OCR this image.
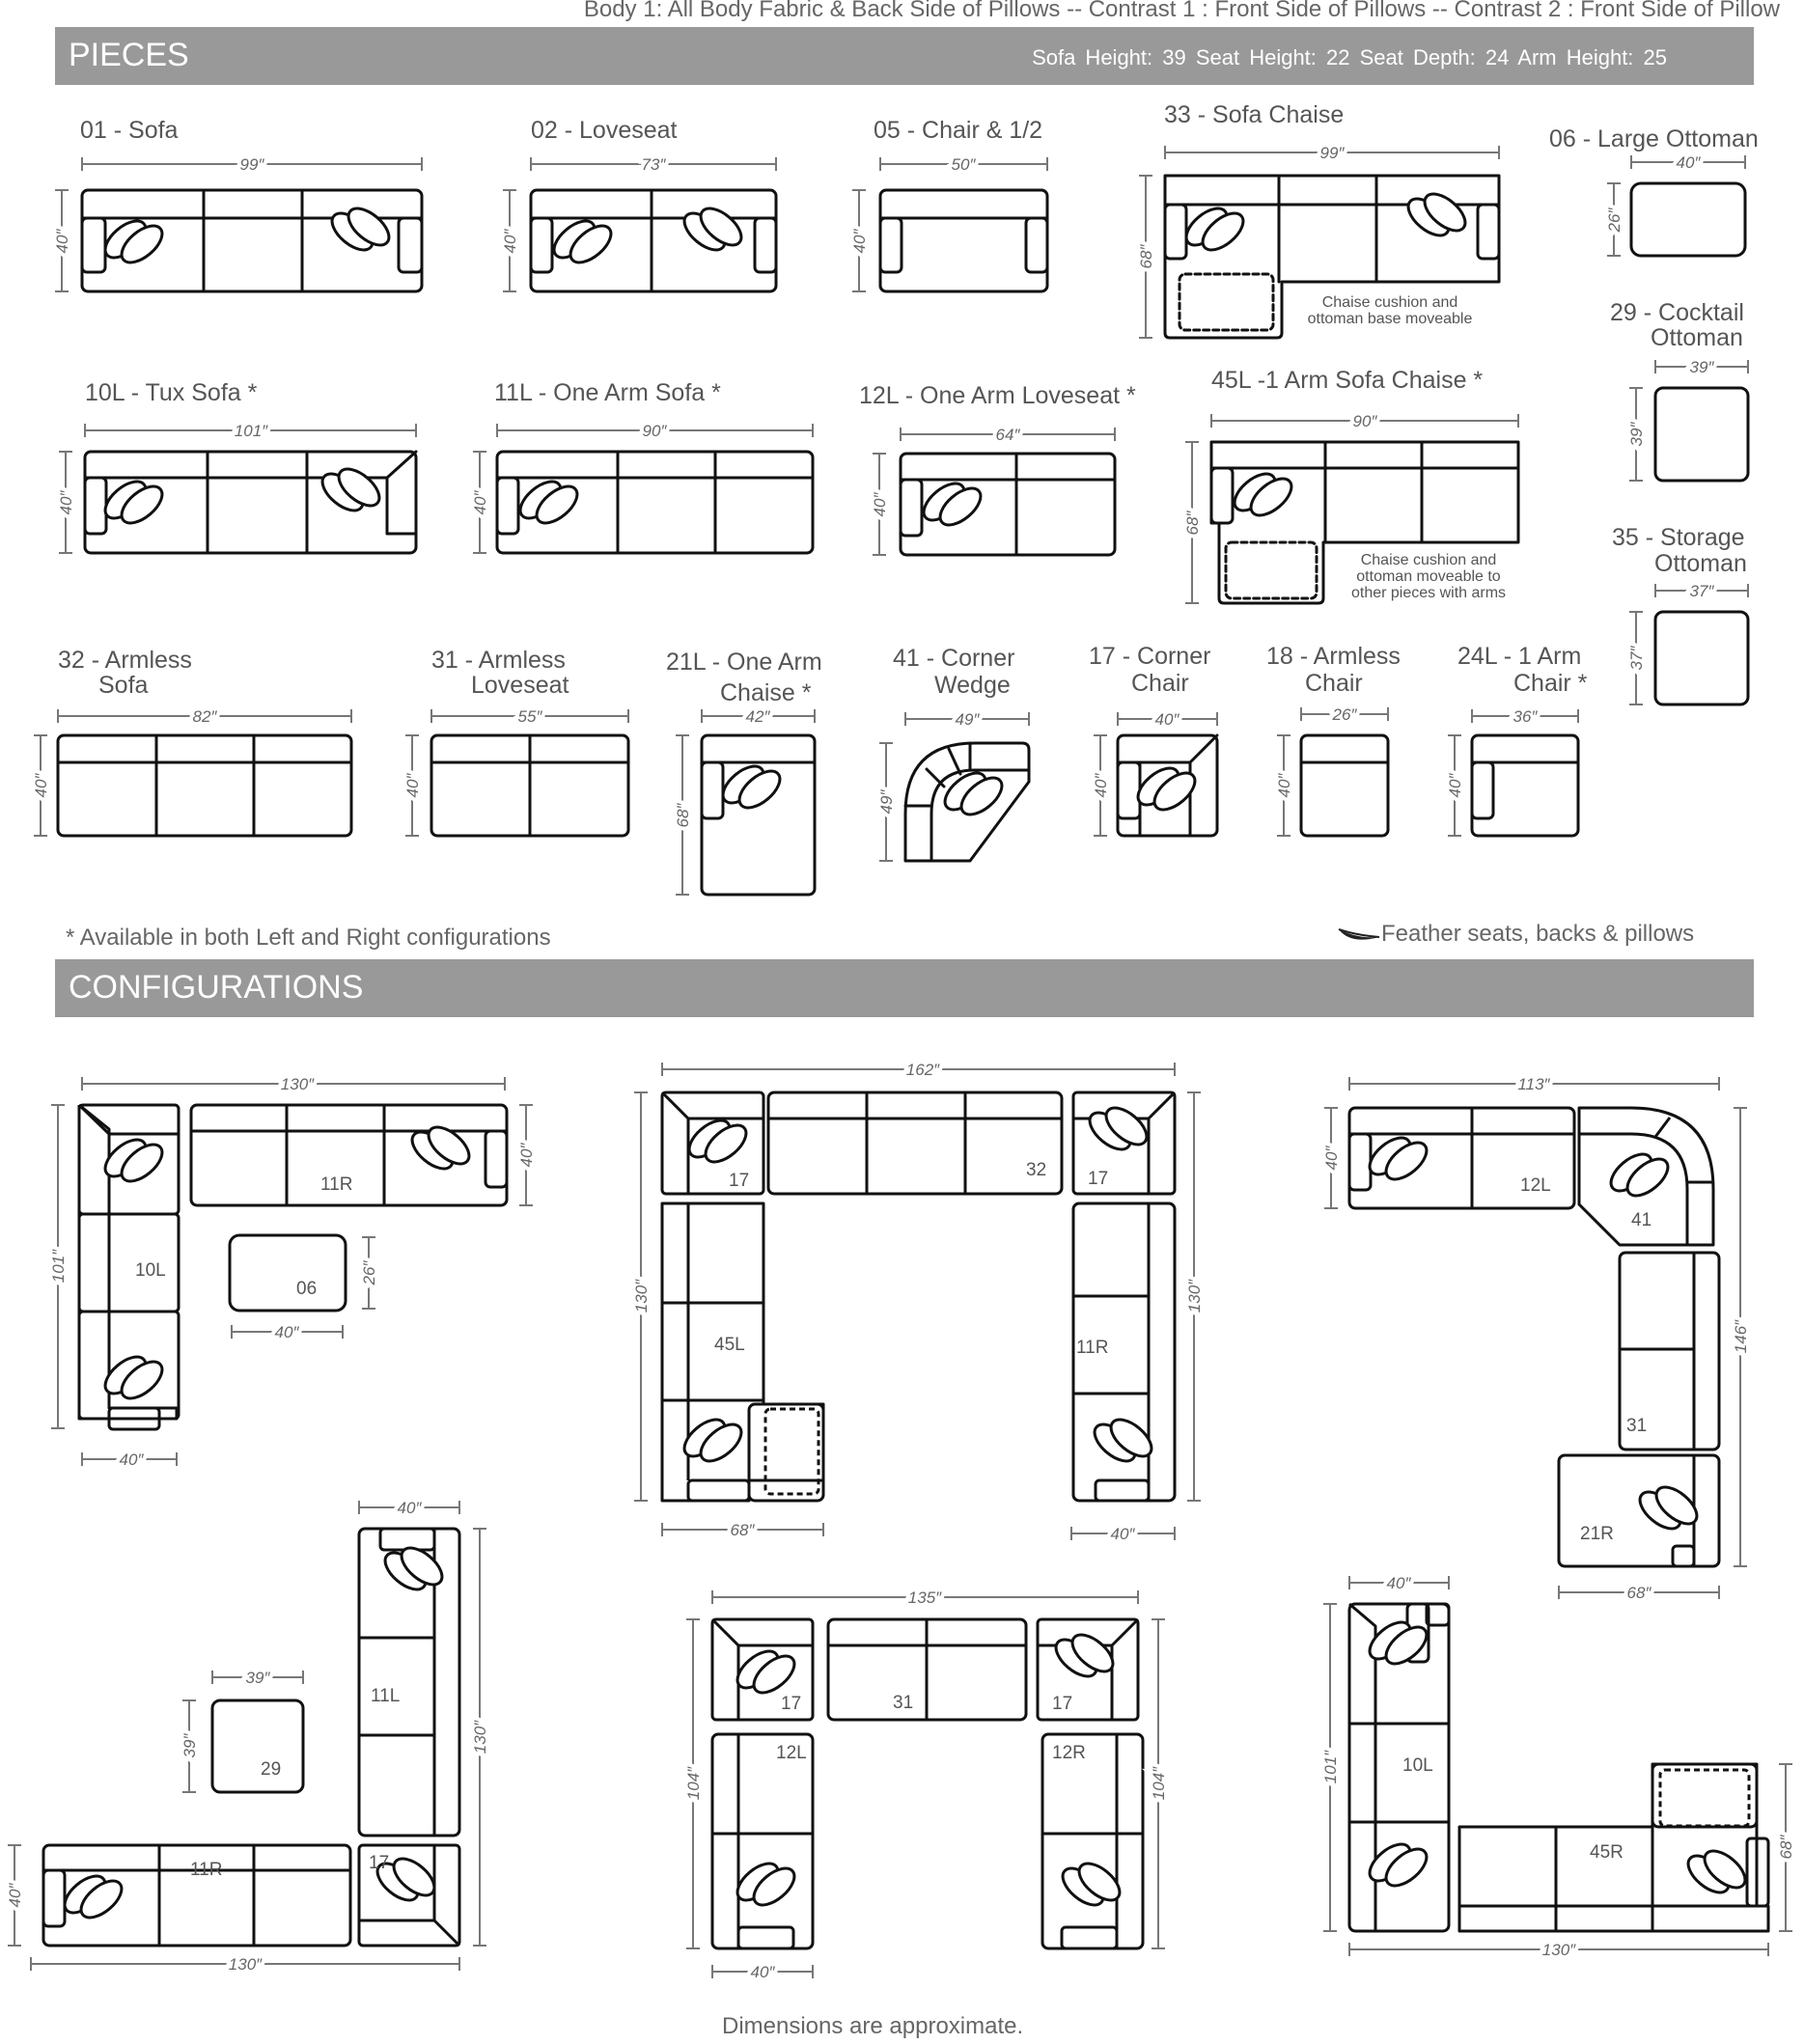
Body 1: All Body Fabric & Back Side of Pillows -- Contrast 1 : Front Side of Pillows -- Contrast 2 : Front Side of Pillow
PIECES	Sofa Height: 39 Seat Height: 22 Seat Depth: 24 Arm Height: 25
CONFIGURATIONS
* Available in both Left and Right configurations	Feather seats, backs & pillows
Dimensions are approximate.
01 - Sofa	02 - Loveseat	05 - Chair & 1/2
33 - Sofa Chaise
06 - Large Ottoman
10L - Tux Sofa *	11L - One Arm Sofa *	12L - One Arm Loveseat *
45L -1 Arm Sofa Chaise *
29 - Cocktail
Ottoman
35 - Storage
Ottoman
32 - Armless
Sofa
31 - Armless
Loveseat
21L - One Arm
Chaise *
41 - Corner
Wedge
17 - Corner
Chair
18 - Armless
Chair
24L - 1 Arm
Chair *
Chaise cushion and
ottoman base moveable
Chaise cushion and
ottoman moveable to
other pieces with arms
99″
40″
73″
40″
50″
40″
99″
68″
40″
26″
101″
40″
90″
40″
64″
40″
90″
68″
39″
39″
37″
37″
82″
40″
55″
40″
42″
68″
49″
49″
40″
40″
26″
40″
36″
40″
11R
10L
06
17
32 17
45L	11R
12L
41
31
21R
11L
29
11R	17
17	31	17
12L	12R
10L
45R
130″
101″
40″
40″
40″
26″
162″
130″	130″
68″	40″
113″
40″
146″
68″
40″
130″
39″
39″
40″
130″
135″
104″	104″
40″
40″
101″
130″
68″
